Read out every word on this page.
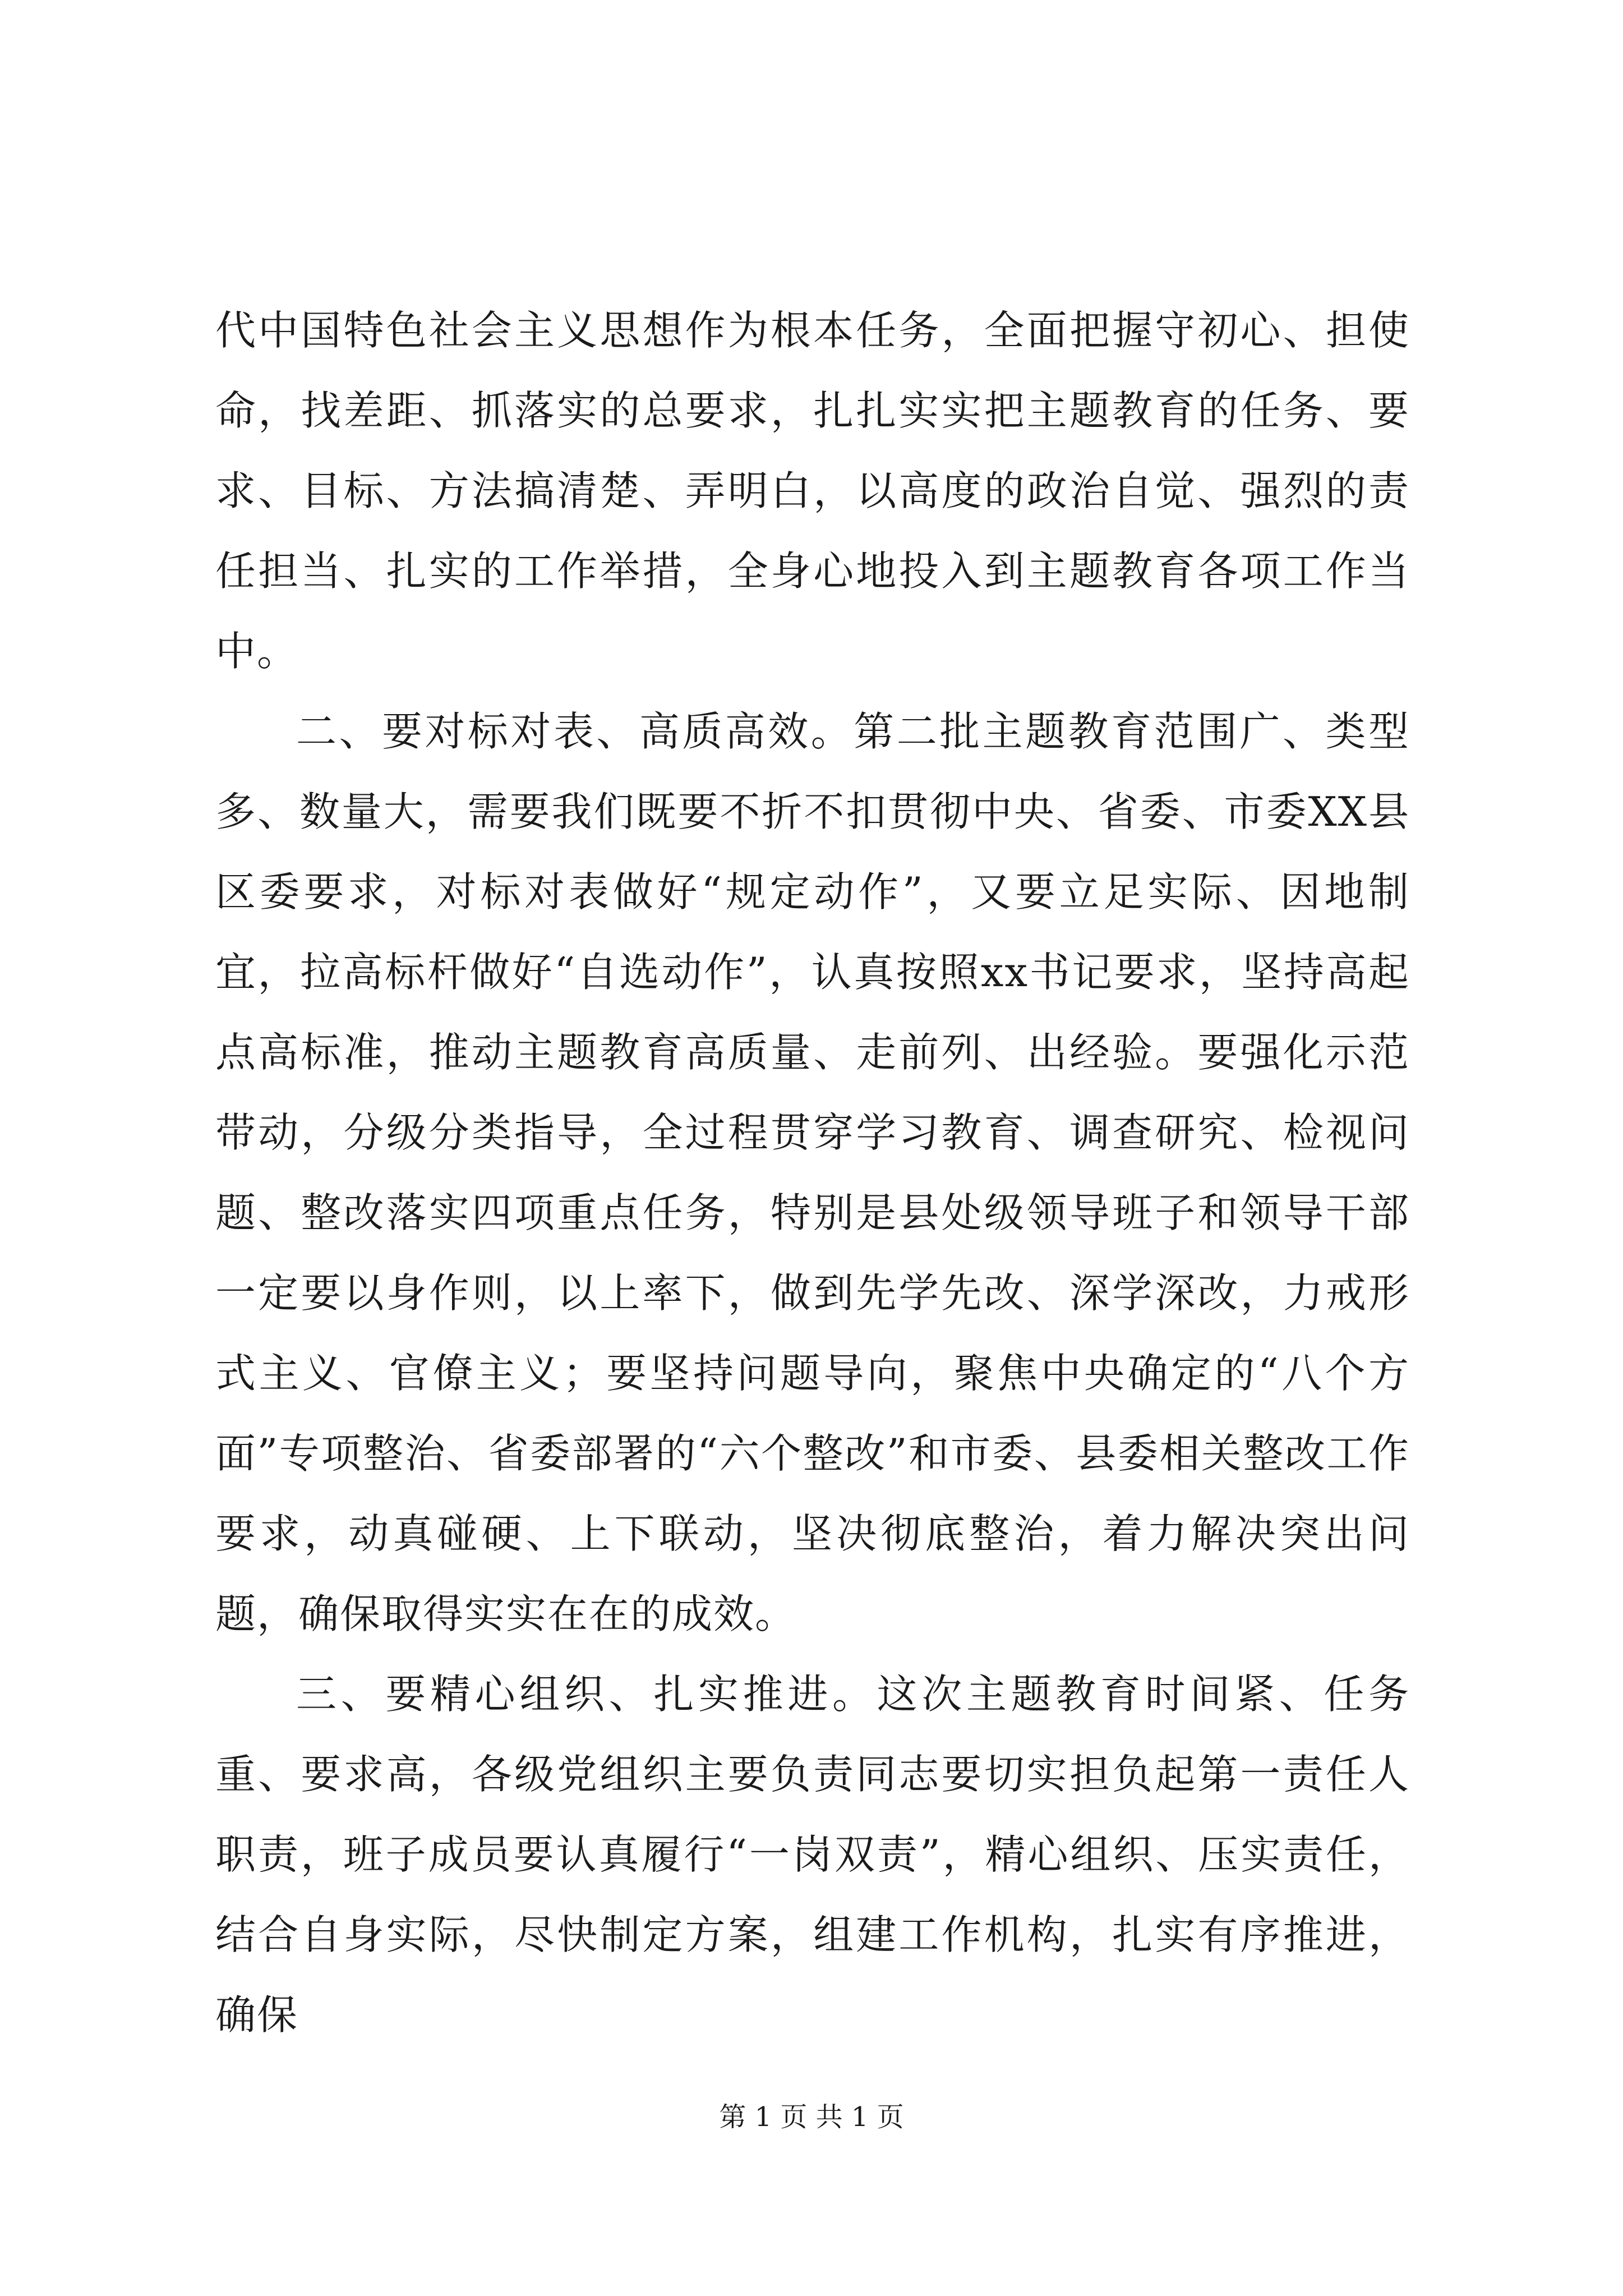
代中国特色社会主义思想作为根本任务，全面把握守初心、担使命，找差距、抓落实的总要求，扎扎实实把主题教育的任务、要求、目标、方法搞清楚、弄明白，以高度的政治自觉、强烈的责任担当、扎实的工作举措，全身心地投入到主题教育各项工作当中。

二、要对标对表、高质高效。第二批主题教育范围广、类型多、数量大，需要我们既要不折不扣贯彻中央、省委、市委XX县区委要求，对标对表做好“规定动作”，又要立足实际、因地制宜，拉高标杆做好“自选动作”，认真按照xx书记要求，坚持高起点高标准，推动主题教育高质量、走前列、出经验。要强化示范带动，分级分类指导，全过程贯穿学习教育、调查研究、检视问题、整改落实四项重点任务，特别是县处级领导班子和领导干部一定要以身作则，以上率下，做到先学先改、深学深改，力戒形式主义、官僚主义；要坚持问题导向，聚焦中央确定的“八个方面”专项整治、省委部署的“六个整改”和市委、县委相关整改工作要求，动真碰硬、上下联动，坚决彻底整治，着力解决突出问题，确保取得实实在在的成效。

三、要精心组织、扎实推进。这次主题教育时间紧、任务重、要求高，各级党组织主要负责同志要切实担负起第一责任人职责，班子成员要认真履行“一岗双责”，精心组织、压实责任，结合自身实际，尽快制定方案，组建工作机构，扎实有序推进，确保

第 1 页 共 1 页
